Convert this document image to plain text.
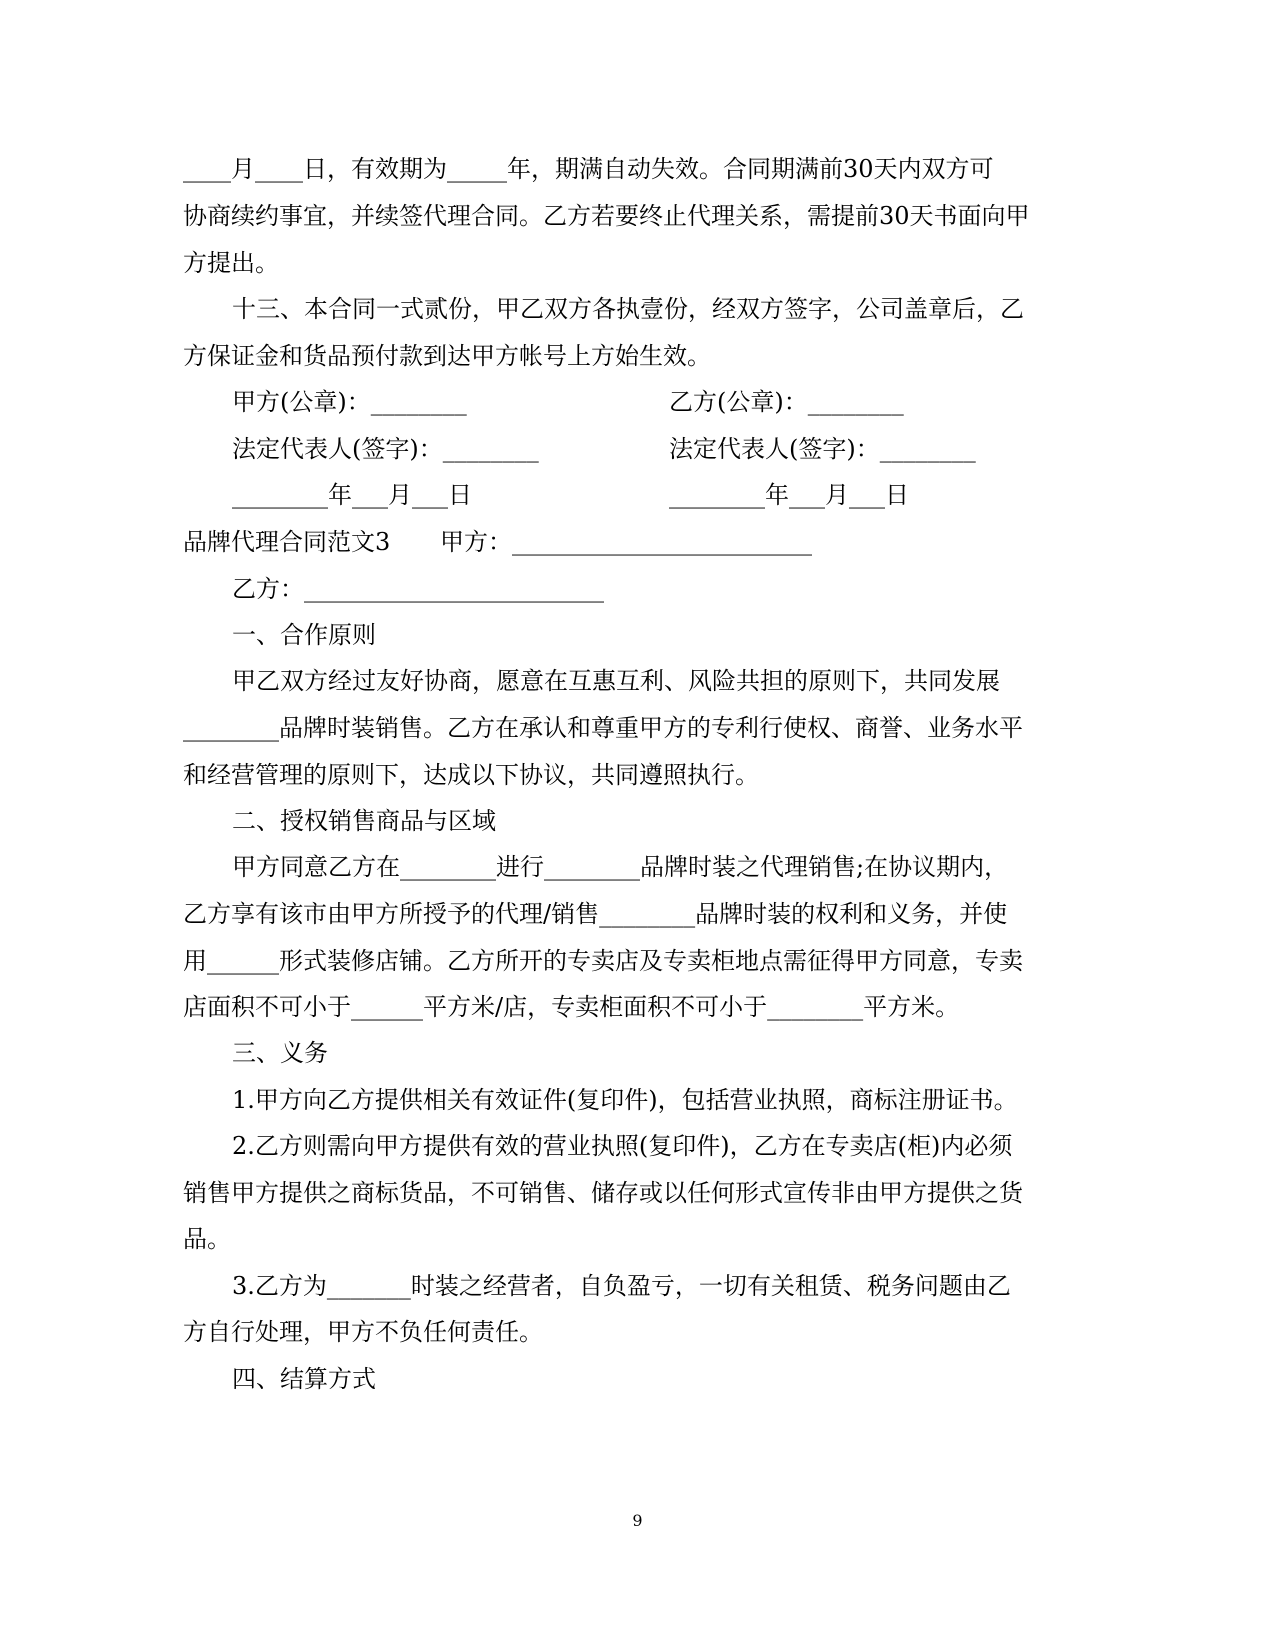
____月____日，有效期为_____年，期满自动失效。合同期满前30天内双方可
协商续约事宜，并续签代理合同。乙方若要终止代理关系，需提前30天书面向甲
方提出。
十三、本合同一式贰份，甲乙双方各执壹份，经双方签字，公司盖章后，乙
方保证金和货品预付款到达甲方帐号上方始生效。
甲方(公章)：________	乙方(公章)：________
法定代表人(签字)：________	法定代表人(签字)：________
________年___月___日	________年___月___日
品牌代理合同范文3 甲方：_________________________
乙方：_________________________
一、合作原则
甲乙双方经过友好协商，愿意在互惠互利、风险共担的原则下，共同发展
________品牌时装销售。乙方在承认和尊重甲方的专利行使权、商誉、业务水平
和经营管理的原则下，达成以下协议，共同遵照执行。
二、授权销售商品与区域
甲方同意乙方在________进行________品牌时装之代理销售;在协议期内，
乙方享有该市由甲方所授予的代理/销售________品牌时装的权利和义务，并使
用______形式装修店铺。乙方所开的专卖店及专卖柜地点需征得甲方同意，专卖
店面积不可小于______平方米/店，专卖柜面积不可小于________平方米。
三、义务
1.甲方向乙方提供相关有效证件(复印件)，包括营业执照，商标注册证书。
2.乙方则需向甲方提供有效的营业执照(复印件)，乙方在专卖店(柜)内必须
销售甲方提供之商标货品，不可销售、储存或以任何形式宣传非由甲方提供之货
品。
3.乙方为_______时装之经营者，自负盈亏，一切有关租赁、税务问题由乙
方自行处理，甲方不负任何责任。
四、结算方式
9
